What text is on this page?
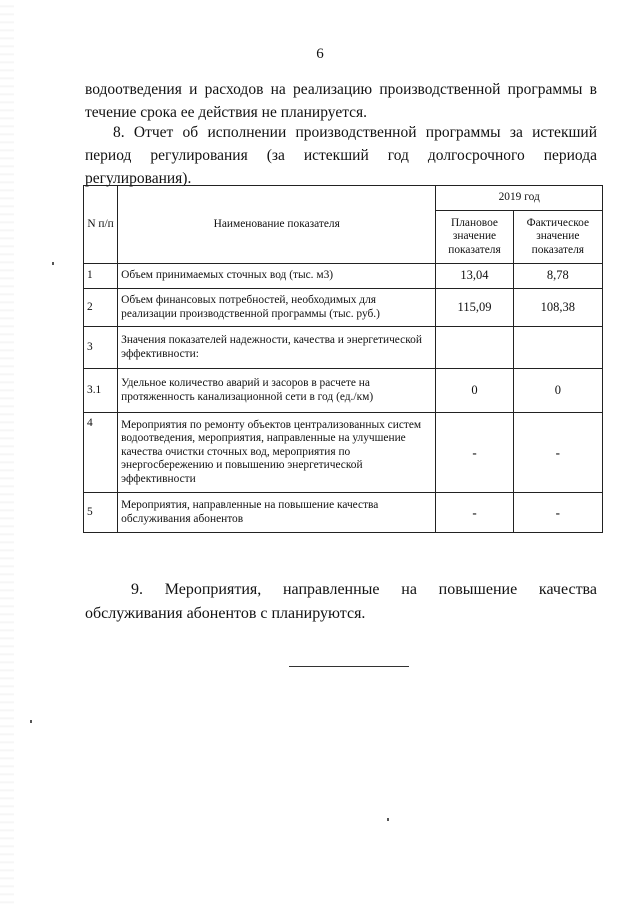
6
водоотведения и расходов на реализацию производственной программы в течение срока ее действия не планируется.
8. Отчет об исполнении производственной программы за истекший период регулирования (за истекший год долгосрочного периода регулирования).
N п/п	Наименование показателя	2019 год	
		Плановое значение показателя	Фактическое значение показателя
1	Объем принимаемых сточных вод (тыс. м3)	13,04	8,78
2	Объем финансовых потребностей, необходимых для реализации производственной программы (тыс. руб.)	115,09	108,38
3	Значения показателей надежности, качества и энергетической эффективности:		
3.1	Удельное количество аварий и засоров в расчете на протяженность канализационной сети в год (ед./км)	0	0
4	Мероприятия по ремонту объектов централизованных систем водоотведения, мероприятия, направленные на улучшение качества очистки сточных вод, мероприятия по энергосбережению и повышению энергетической эффективности	-	-
5	Мероприятия, направленные на повышение качества обслуживания абонентов	-	-
9. Мероприятия, направленные на повышение качества обслуживания абонентов с планируются.
